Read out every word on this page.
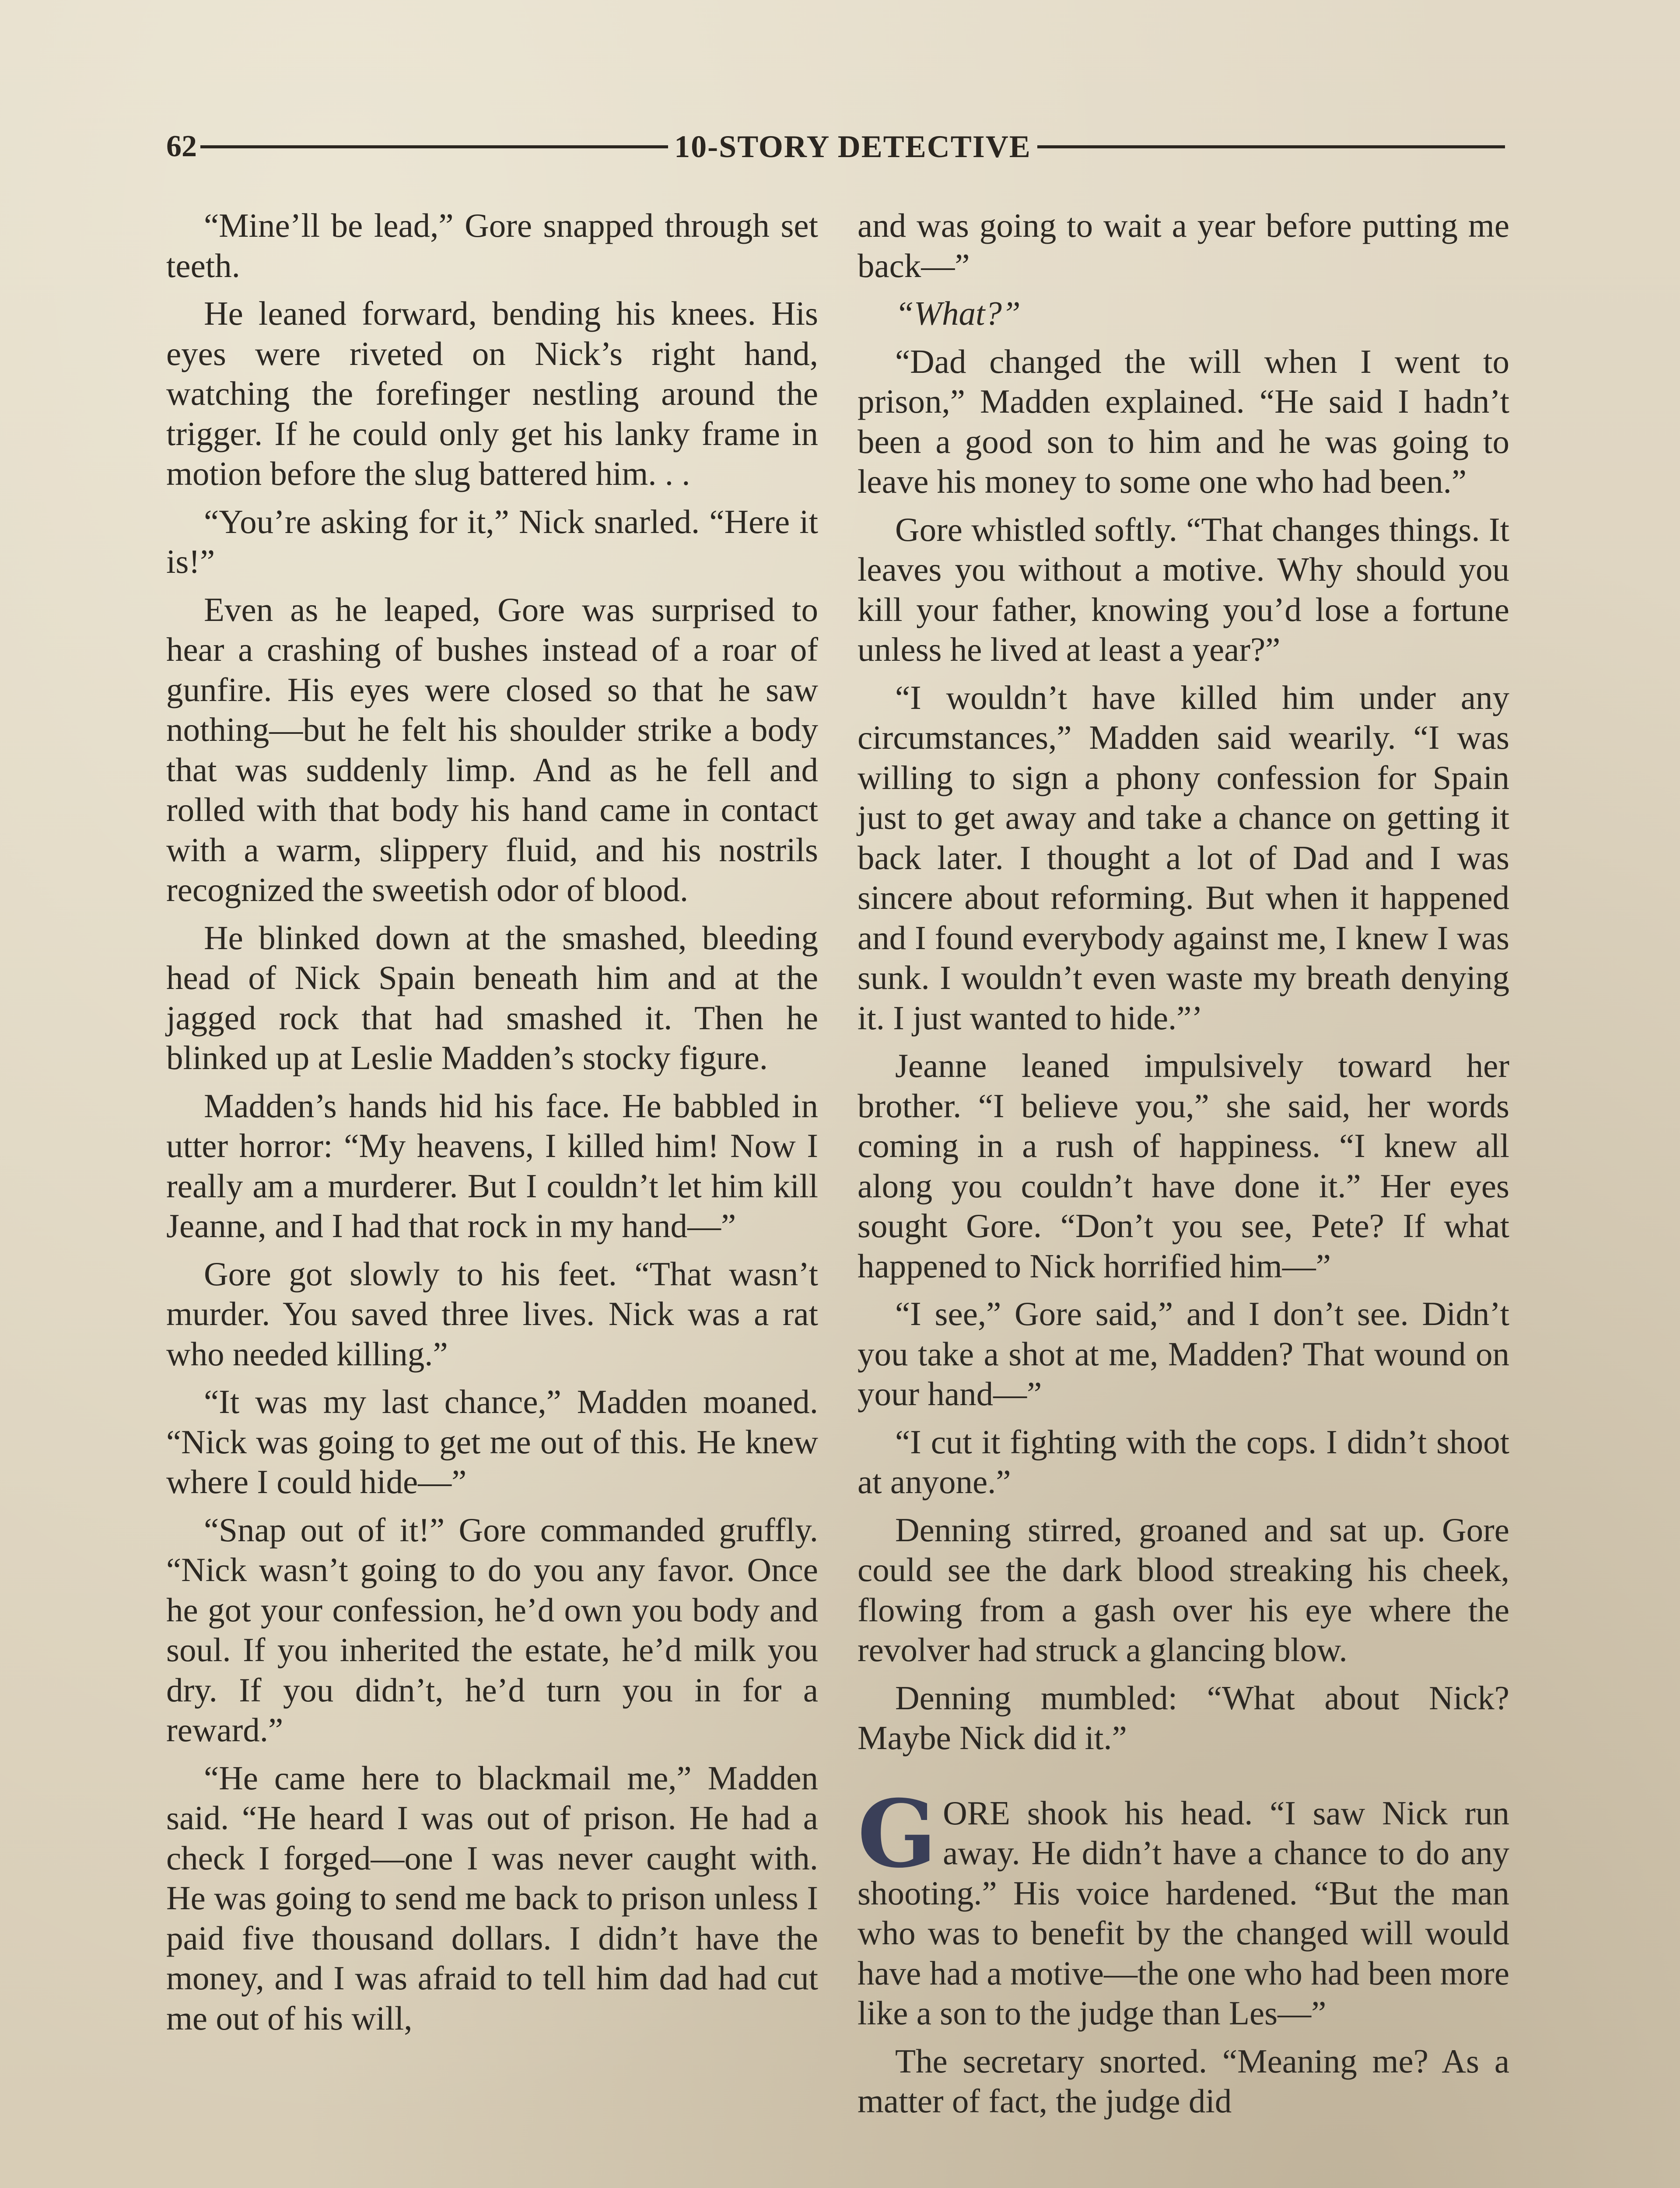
62	10-STORY DETECTIVE

“Mine’ll be lead,” Gore snapped through set teeth.

He leaned forward, bending his knees. His eyes were riveted on Nick’s right hand, watching the forefinger nestling around the trigger. If he could only get his lanky frame in motion before the slug battered him. . .

“You’re asking for it,” Nick snarled. “Here it is!”

Even as he leaped, Gore was surprised to hear a crashing of bushes instead of a roar of gunfire. His eyes were closed so that he saw nothing—but he felt his shoulder strike a body that was suddenly limp. And as he fell and rolled with that body his hand came in contact with a warm, slippery fluid, and his nostrils recognized the sweetish odor of blood.

He blinked down at the smashed, bleeding head of Nick Spain beneath him and at the jagged rock that had smashed it. Then he blinked up at Leslie Madden’s stocky figure.

Madden’s hands hid his face. He babbled in utter horror: “My heavens, I killed him! Now I really am a murderer. But I couldn’t let him kill Jeanne, and I had that rock in my hand—”

Gore got slowly to his feet. “That wasn’t murder. You saved three lives. Nick was a rat who needed killing.”

“It was my last chance,” Madden moaned. “Nick was going to get me out of this. He knew where I could hide—”

“Snap out of it!” Gore commanded gruffly. “Nick wasn’t going to do you any favor. Once he got your confession, he’d own you body and soul. If you inherited the estate, he’d milk you dry. If you didn’t, he’d turn you in for a reward.”

“He came here to blackmail me,” Madden said. “He heard I was out of prison. He had a check I forged—one I was never caught with. He was going to send me back to prison unless I paid five thousand dollars. I didn’t have the money, and I was afraid to tell him dad had cut me out of his will,

and was going to wait a year before putting me back—”

“What?”

“Dad changed the will when I went to prison,” Madden explained. “He said I hadn’t been a good son to him and he was going to leave his money to some one who had been.”

Gore whistled softly. “That changes things. It leaves you without a motive. Why should you kill your father, knowing you’d lose a fortune unless he lived at least a year?”

“I wouldn’t have killed him under any circumstances,” Madden said wearily. “I was willing to sign a phony confession for Spain just to get away and take a chance on getting it back later. I thought a lot of Dad and I was sincere about reforming. But when it happened and I found everybody against me, I knew I was sunk. I wouldn’t even waste my breath denying it. I just wanted to hide.”’

Jeanne leaned impulsively toward her brother. “I believe you,” she said, her words coming in a rush of happiness. “I knew all along you couldn’t have done it.” Her eyes sought Gore. “Don’t you see, Pete? If what happened to Nick horrified him—”

“I see,” Gore said,” and I don’t see. Didn’t you take a shot at me, Madden? That wound on your hand—”

“I cut it fighting with the cops. I didn’t shoot at anyone.”

Denning stirred, groaned and sat up. Gore could see the dark blood streaking his cheek, flowing from a gash over his eye where the revolver had struck a glancing blow.

Denning mumbled: “What about Nick? Maybe Nick did it.”

GORE shook his head. “I saw Nick run away. He didn’t have a chance to do any shooting.” His voice hardened. “But the man who was to benefit by the changed will would have had a motive—the one who had been more like a son to the judge than Les—”

The secretary snorted. “Meaning me? As a matter of fact, the judge did
